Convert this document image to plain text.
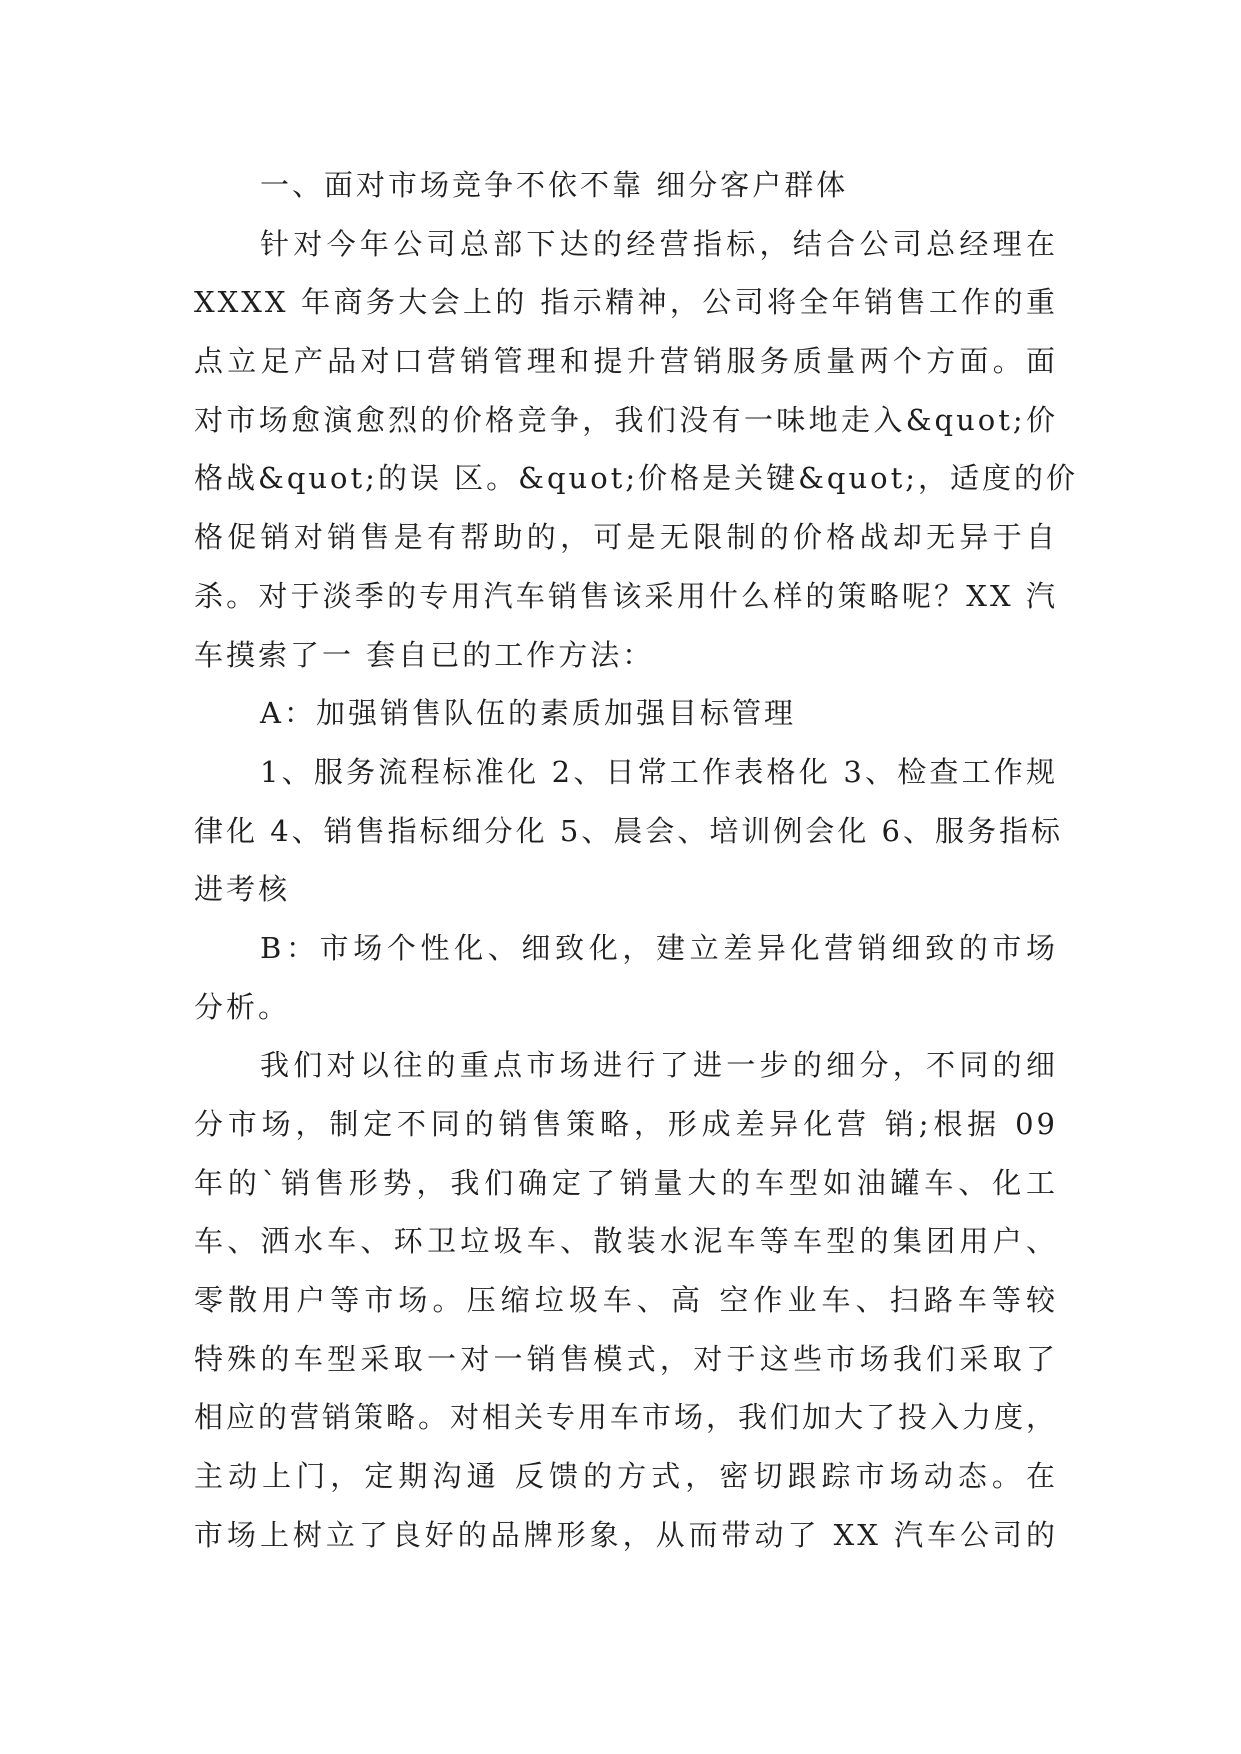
一、面对市场竞争不依不靠 细分客户群体
针对今年公司总部下达的经营指标，结合公司总经理在
XXXX 年商务大会上的 指示精神，公司将全年销售工作的重
点立足产品对口营销管理和提升营销服务质量两个方面。面
对市场愈演愈烈的价格竞争，我们没有一味地走入&quot;价
格战&quot;的误 区。&quot;价格是关键&quot;，适度的价
格促销对销售是有帮助的，可是无限制的价格战却无异于自
杀。对于淡季的专用汽车销售该采用什么样的策略呢？XX 汽
车摸索了一 套自已的工作方法：
A：加强销售队伍的素质加强目标管理
1、服务流程标准化 2、日常工作表格化 3、检查工作规
律化 4、销售指标细分化 5、晨会、培训例会化 6、服务指标
进考核
B：市场个性化、细致化，建立差异化营销细致的市场
分析。
我们对以往的重点市场进行了进一步的细分，不同的细
分市场，制定不同的销售策略，形成差异化营 销;根据 09
年的`销售形势，我们确定了销量大的车型如油罐车、化工
车、洒水车、环卫垃圾车、散装水泥车等车型的集团用户、
零散用户等市场。压缩垃圾车、高 空作业车、扫路车等较
特殊的车型采取一对一销售模式，对于这些市场我们采取了
相应的营销策略。对相关专用车市场，我们加大了投入力度，
主动上门，定期沟通 反馈的方式，密切跟踪市场动态。在
市场上树立了良好的品牌形象，从而带动了 XX 汽车公司的
